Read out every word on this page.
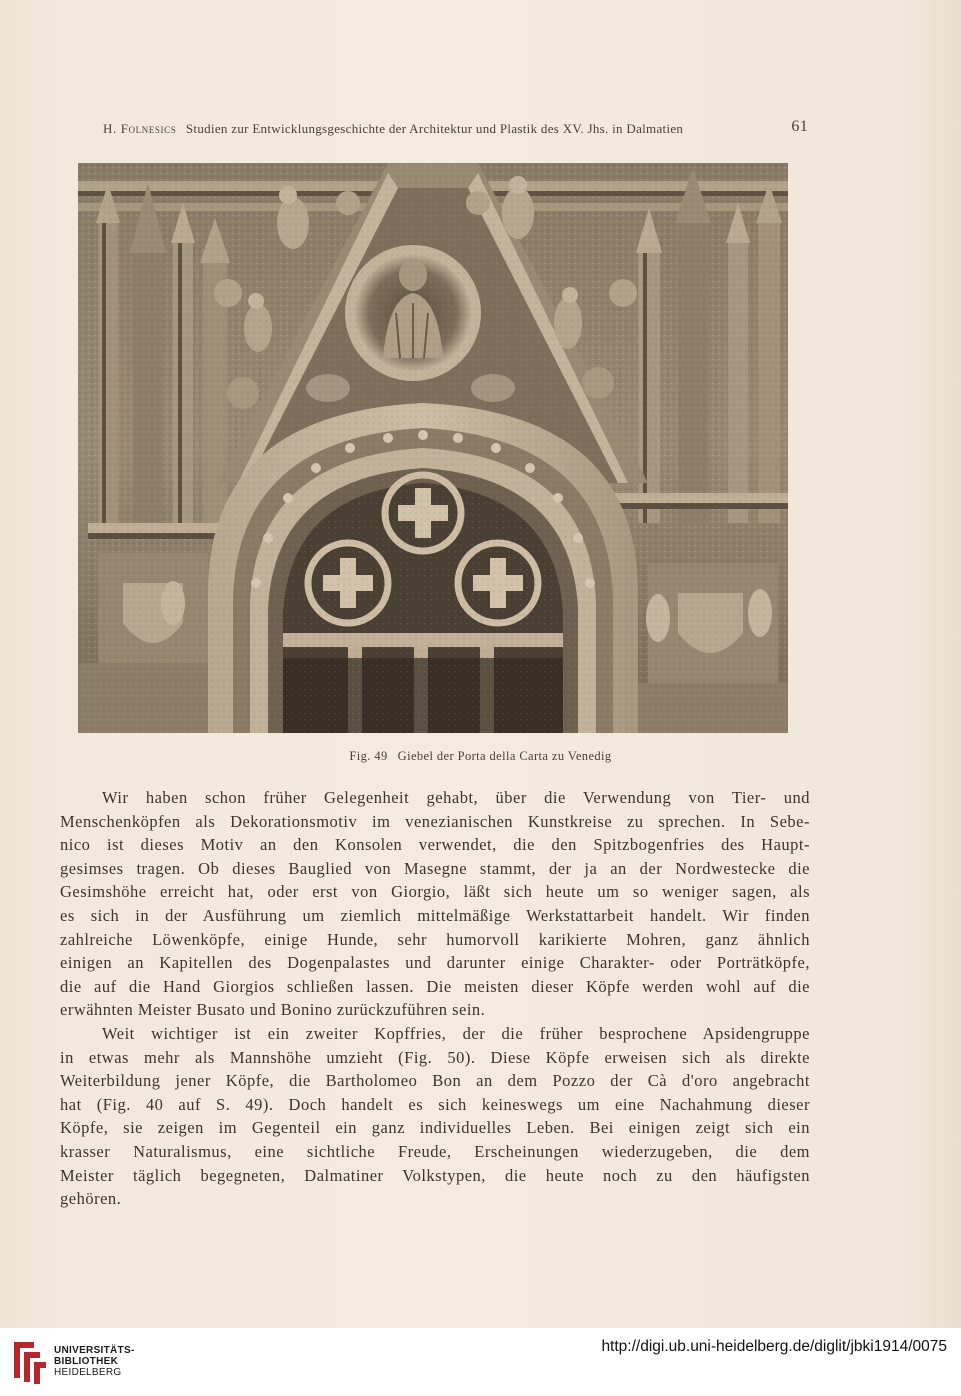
H. Folnesics Studien zur Entwicklungsgeschichte der Architektur und Plastik des XV. Jhs. in Dalmatien	61
Fig. 49 Giebel der Porta della Carta zu Venedig

Wir haben schon früher Gelegenheit gehabt, über die Verwendung von Tier- und
Menschenköpfen als Dekorationsmotiv im venezianischen Kunstkreise zu sprechen. In Sebe-
nico ist dieses Motiv an den Konsolen verwendet, die den Spitzbogenfries des Haupt-
gesimses tragen. Ob dieses Bauglied von Masegne stammt, der ja an der Nordwestecke die
Gesimshöhe erreicht hat, oder erst von Giorgio, läßt sich heute um so weniger sagen, als
es sich in der Ausführung um ziemlich mittelmäßige Werkstattarbeit handelt. Wir finden
zahlreiche Löwenköpfe, einige Hunde, sehr humorvoll karikierte Mohren, ganz ähnlich
einigen an Kapitellen des Dogenpalastes und darunter einige Charakter- oder Porträtköpfe,
die auf die Hand Giorgios schließen lassen. Die meisten dieser Köpfe werden wohl auf die
erwähnten Meister Busato und Bonino zurückzuführen sein.

Weit wichtiger ist ein zweiter Kopffries, der die früher besprochene Apsidengruppe
in etwas mehr als Mannshöhe umzieht (Fig. 50). Diese Köpfe erweisen sich als direkte
Weiterbildung jener Köpfe, die Bartholomeo Bon an dem Pozzo der Cà d'oro angebracht
hat (Fig. 40 auf S. 49). Doch handelt es sich keineswegs um eine Nachahmung dieser
Köpfe, sie zeigen im Gegenteil ein ganz individuelles Leben. Bei einigen zeigt sich ein
krasser Naturalismus, eine sichtliche Freude, Erscheinungen wiederzugeben, die dem
Meister täglich begegneten, Dalmatiner Volkstypen, die heute noch zu den häufigsten
gehören.

UNIVERSITÄTS-
BIBLIOTHEK
HEIDELBERG
http://digi.ub.uni-heidelberg.de/diglit/jbki1914/0075
